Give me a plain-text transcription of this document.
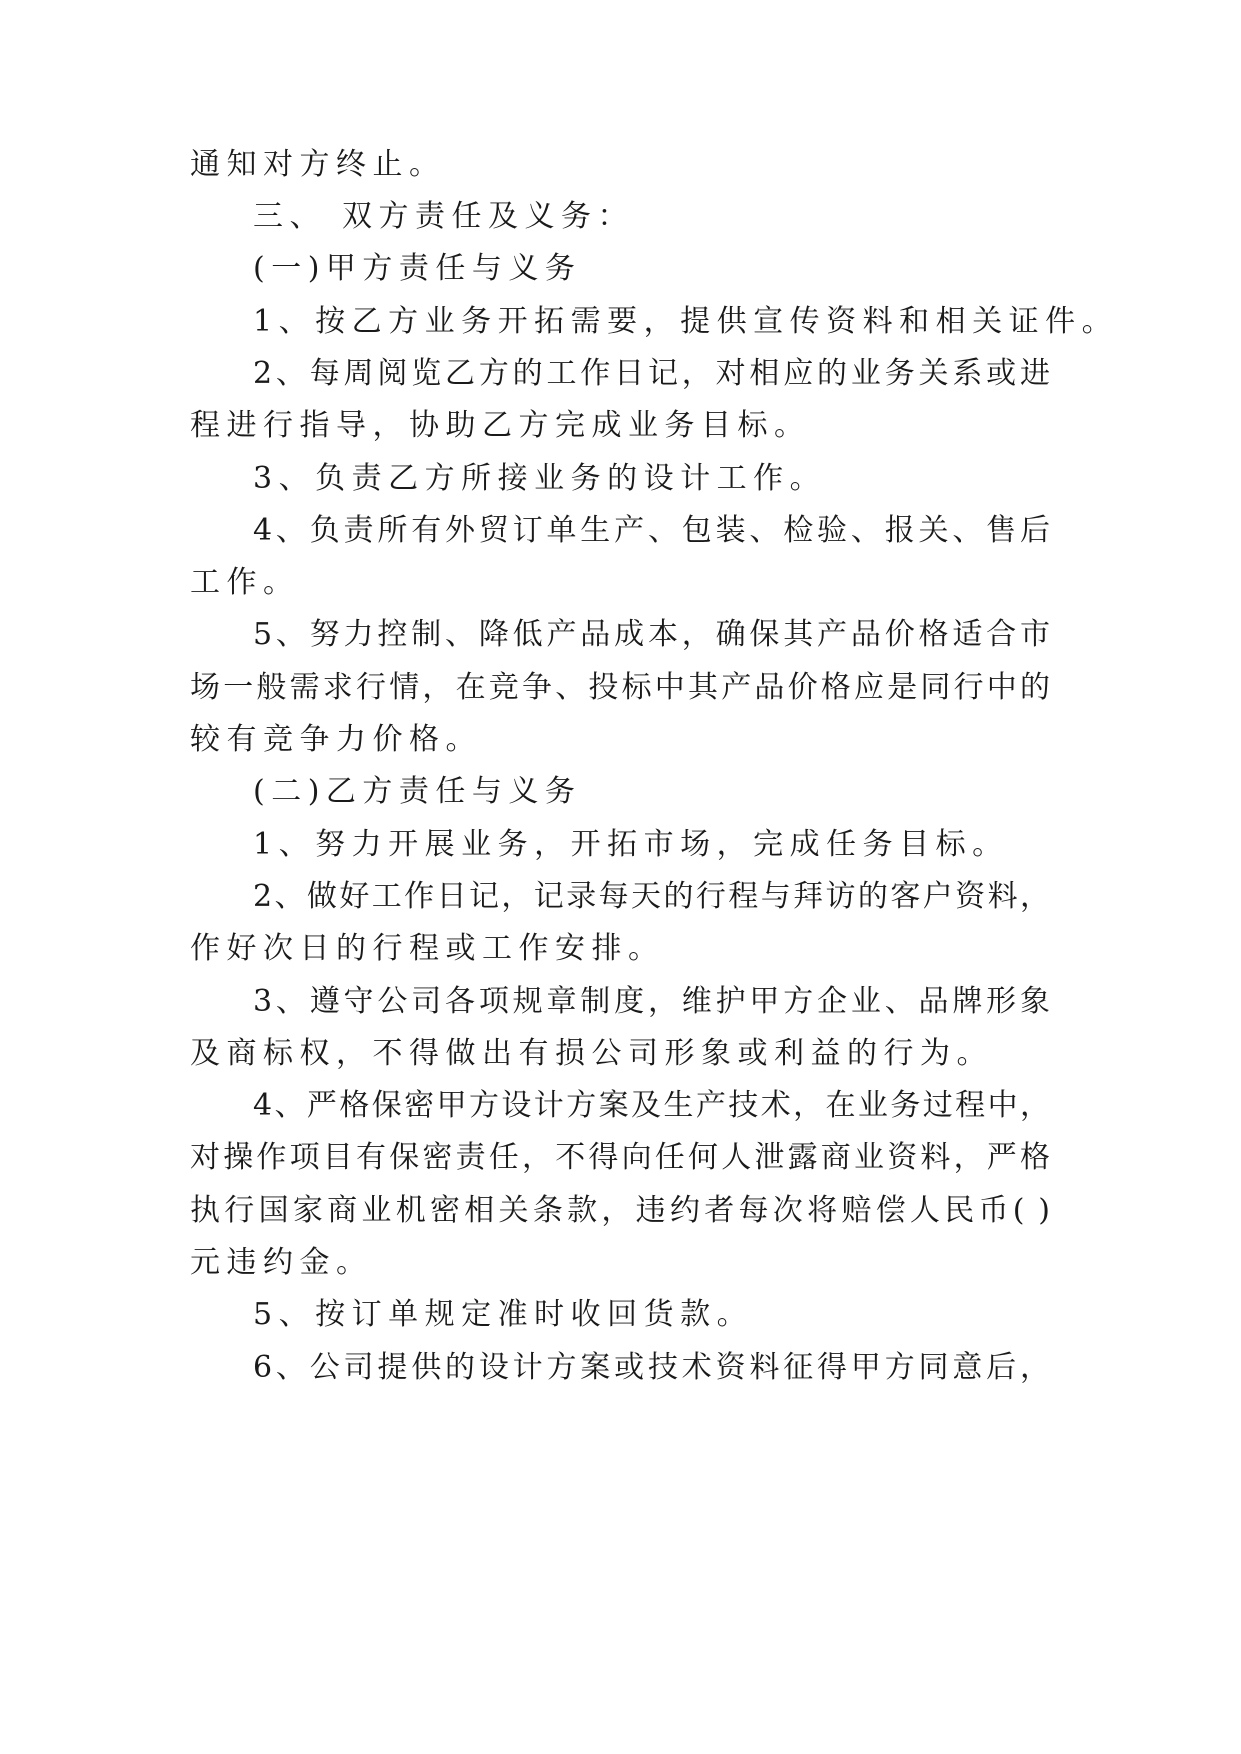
通知对方终止。
三、 双方责任及义务：
(一)甲方责任与义务
1、按乙方业务开拓需要，提供宣传资料和相关证件。
2、每周阅览乙方的工作日记，对相应的业务关系或进
程进行指导，协助乙方完成业务目标。
3、负责乙方所接业务的设计工作。
4、负责所有外贸订单生产、包装、检验、报关、售后
工作。
5、努力控制、降低产品成本，确保其产品价格适合市
场一般需求行情，在竞争、投标中其产品价格应是同行中的
较有竞争力价格。
(二)乙方责任与义务
1、努力开展业务，开拓市场，完成任务目标。
2、做好工作日记，记录每天的行程与拜访的客户资料，
作好次日的行程或工作安排。
3、遵守公司各项规章制度，维护甲方企业、品牌形象
及商标权，不得做出有损公司形象或利益的行为。
4、严格保密甲方设计方案及生产技术，在业务过程中，
对操作项目有保密责任，不得向任何人泄露商业资料，严格
执行国家商业机密相关条款，违约者每次将赔偿人民币( )
元违约金。
5、按订单规定准时收回货款。
6、公司提供的设计方案或技术资料征得甲方同意后，
